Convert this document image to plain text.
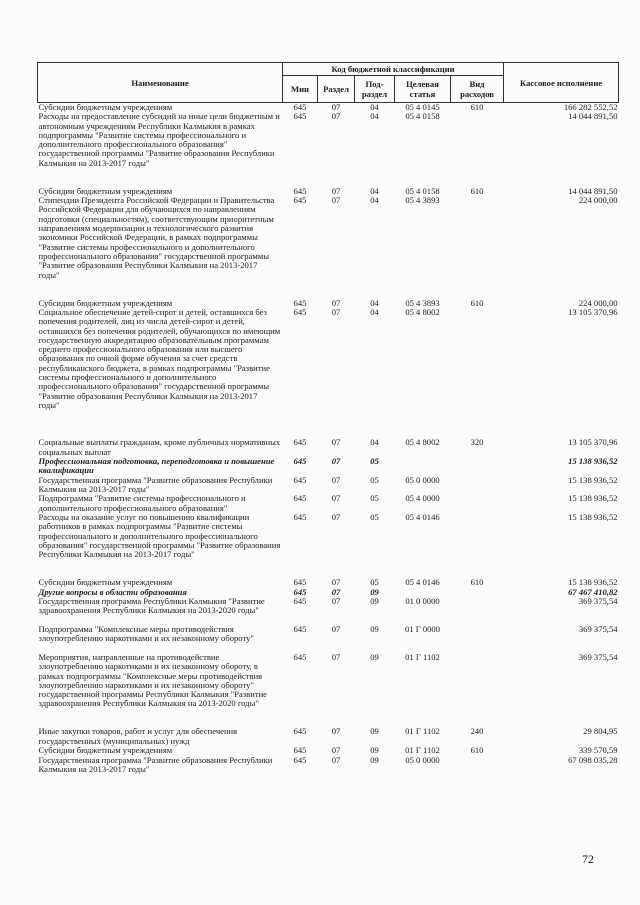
Наименование	Код бюджетной классификации					Кассовое исполнение
	Мин	Раздел	Под-раздел	Целевая статья	Вид расходов	
Субсидии бюджетным учреждениям	645	07	04	05 4 0145	610	166 282 552,52
Расходы на предоставление субсидий на иные цели бюджетным и автономным учреждениям Республики Калмыкия в рамках подпрограммы "Развитие системы профессионального и дополнительного профессионального образования" государственной программы "Развитие образования Республики Калмыкия на 2013-2017 годы"	645	07	04	05 4 0158		14 044 891,50
Субсидии бюджетным учреждениям	645	07	04	05 4 0158	610	14 044 891,50
Стипендии Президента Российской Федерации и Правительства Российской Федерации для обучающихся по направлениям подготовки (специальностям), соответствующим приоритетным направлениям модернизации и технологического развития экономики Российской Федерации, в рамках подпрограммы "Развитие системы профессионального и дополнительного профессионального образования" государственной программы "Развитие образования Республики Калмыкия на 2013-2017 годы"	645	07	04	05 4 3893		224 000,00
Субсидии бюджетным учреждениям	645	07	04	05 4 3893	610	224 000,00
Социальное обеспечение детей-сирот и детей, оставшихся без попечения родителей, лиц из числа детей-сирот и детей, оставшихся без попечения родителей, обучающихся по имеющим государственную аккредитацию образовательным программам среднего профессионального образования или высшего образования по очной форме обучения за счет средств республиканского бюджета, в рамках подпрограммы "Развитие системы профессионального и дополнительного профессионального образования" государственной программы "Развитие образования Республики Калмыкия на 2013-2017 годы"	645	07	04	05 4 8002		13 105 370,96
Социальные выплаты гражданам, кроме публичных нормативных социальных выплат	645	07	04	05 4 8002	320	13 105 370,96
Профессиональная подготовка, переподготовка и повышение квалификации	645	07	05			15 138 936,52
Государственная программа "Развитие образования Республики Калмыкия на 2013-2017 годы"	645	07	05	05 0 0000		15 138 936,52
Подпрограмма "Развитие системы профессионального и дополнительного профессионального образования"	645	07	05	05 4 0000		15 138 936,52
Расходы на оказание услуг по повышению квалификации работников в рамках подпрограммы "Развитие системы профессионального и дополнительного профессионального образования" государственной программы "Развитие образования Республики Калмыкия на 2013-2017 годы"	645	07	05	05 4 0146		15 138 936,52
Субсидии бюджетным учреждениям	645	07	05	05 4 0146	610	15 138 936,52
Другие вопросы в области образования	645	07	09			67 467 410,82
Государственная программа Республики Калмыкия "Развитие здравоохранения Республики Калмыкия на 2013-2020 годы"	645	07	09	01 0 0000		369 375,54
Подпрограмма "Комплексные меры противодействия злоупотреблению наркотиками и их незаконному обороту"	645	07	09	01 Г 0000		369 375,54
Мероприятия, направленные на противодействие злоупотреблению наркотиками и их незаконному обороту, в рамках подпрограммы "Комплексные меры противодействия злоупотреблению наркотиками и их незаконному обороту" государственной программы Республики Калмыкия "Развитие здравоохранения Республики Калмыкия на 2013-2020 годы"	645	07	09	01 Г 1102		369 375,54
Иные закупки товаров, работ и услуг для обеспечения государственных (муниципальных) нужд	645	07	09	01 Г 1102	240	29 804,95
Субсидии бюджетным учреждениям	645	07	09	01 Г 1102	610	339 570,59
Государственная программа "Развитие образования Республики Калмыкия на 2013-2017 годы"	645	07	09	05 0 0000		67 098 035,28
72
